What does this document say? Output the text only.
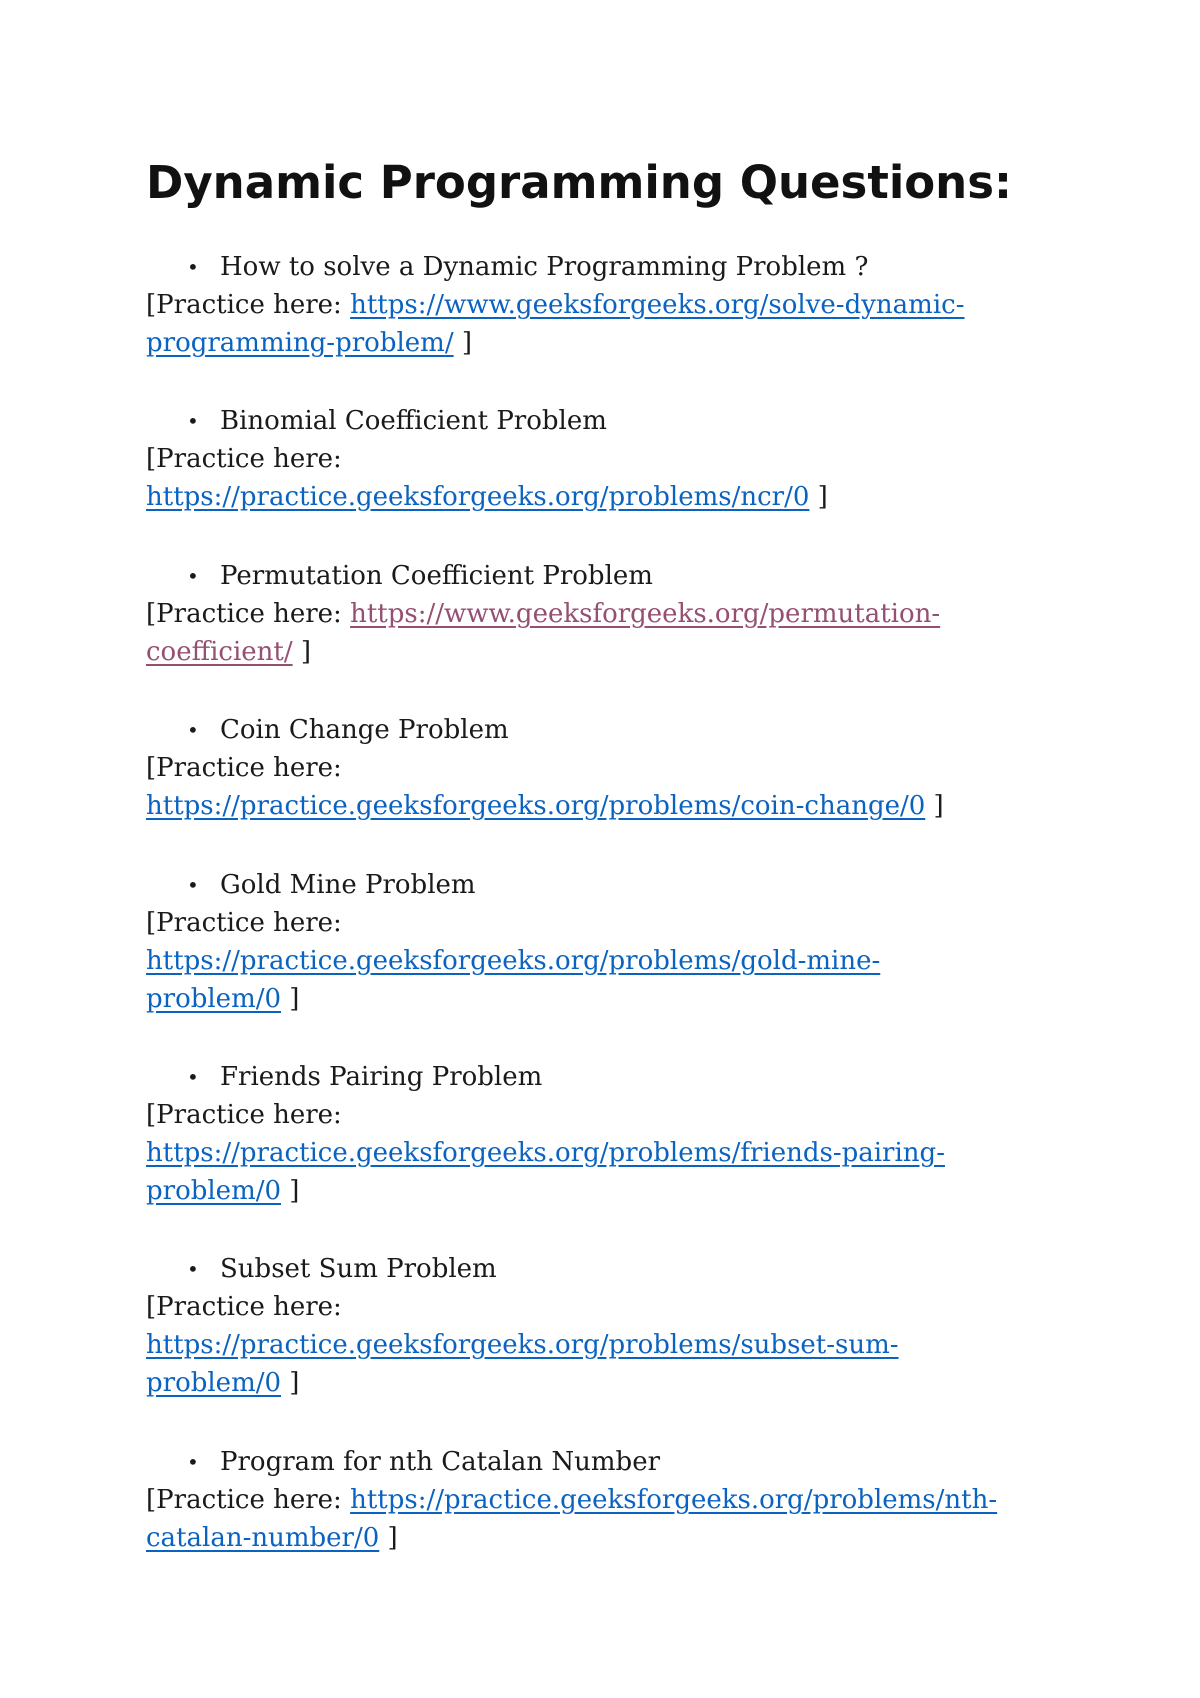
Dynamic Programming Questions:
• How to solve a Dynamic Programming Problem ?
[Practice here: https://www.geeksforgeeks.org/solve-dynamic-
programming-problem/ ]
• Binomial Coefficient Problem
[Practice here:
https://practice.geeksforgeeks.org/problems/ncr/0 ]
• Permutation Coefficient Problem
[Practice here: https://www.geeksforgeeks.org/permutation-
coefficient/ ]
• Coin Change Problem
[Practice here:
https://practice.geeksforgeeks.org/problems/coin-change/0 ]
• Gold Mine Problem
[Practice here:
https://practice.geeksforgeeks.org/problems/gold-mine-
problem/0 ]
• Friends Pairing Problem
[Practice here:
https://practice.geeksforgeeks.org/problems/friends-pairing-
problem/0 ]
• Subset Sum Problem
[Practice here:
https://practice.geeksforgeeks.org/problems/subset-sum-
problem/0 ]
• Program for nth Catalan Number
[Practice here: https://practice.geeksforgeeks.org/problems/nth-
catalan-number/0 ]
